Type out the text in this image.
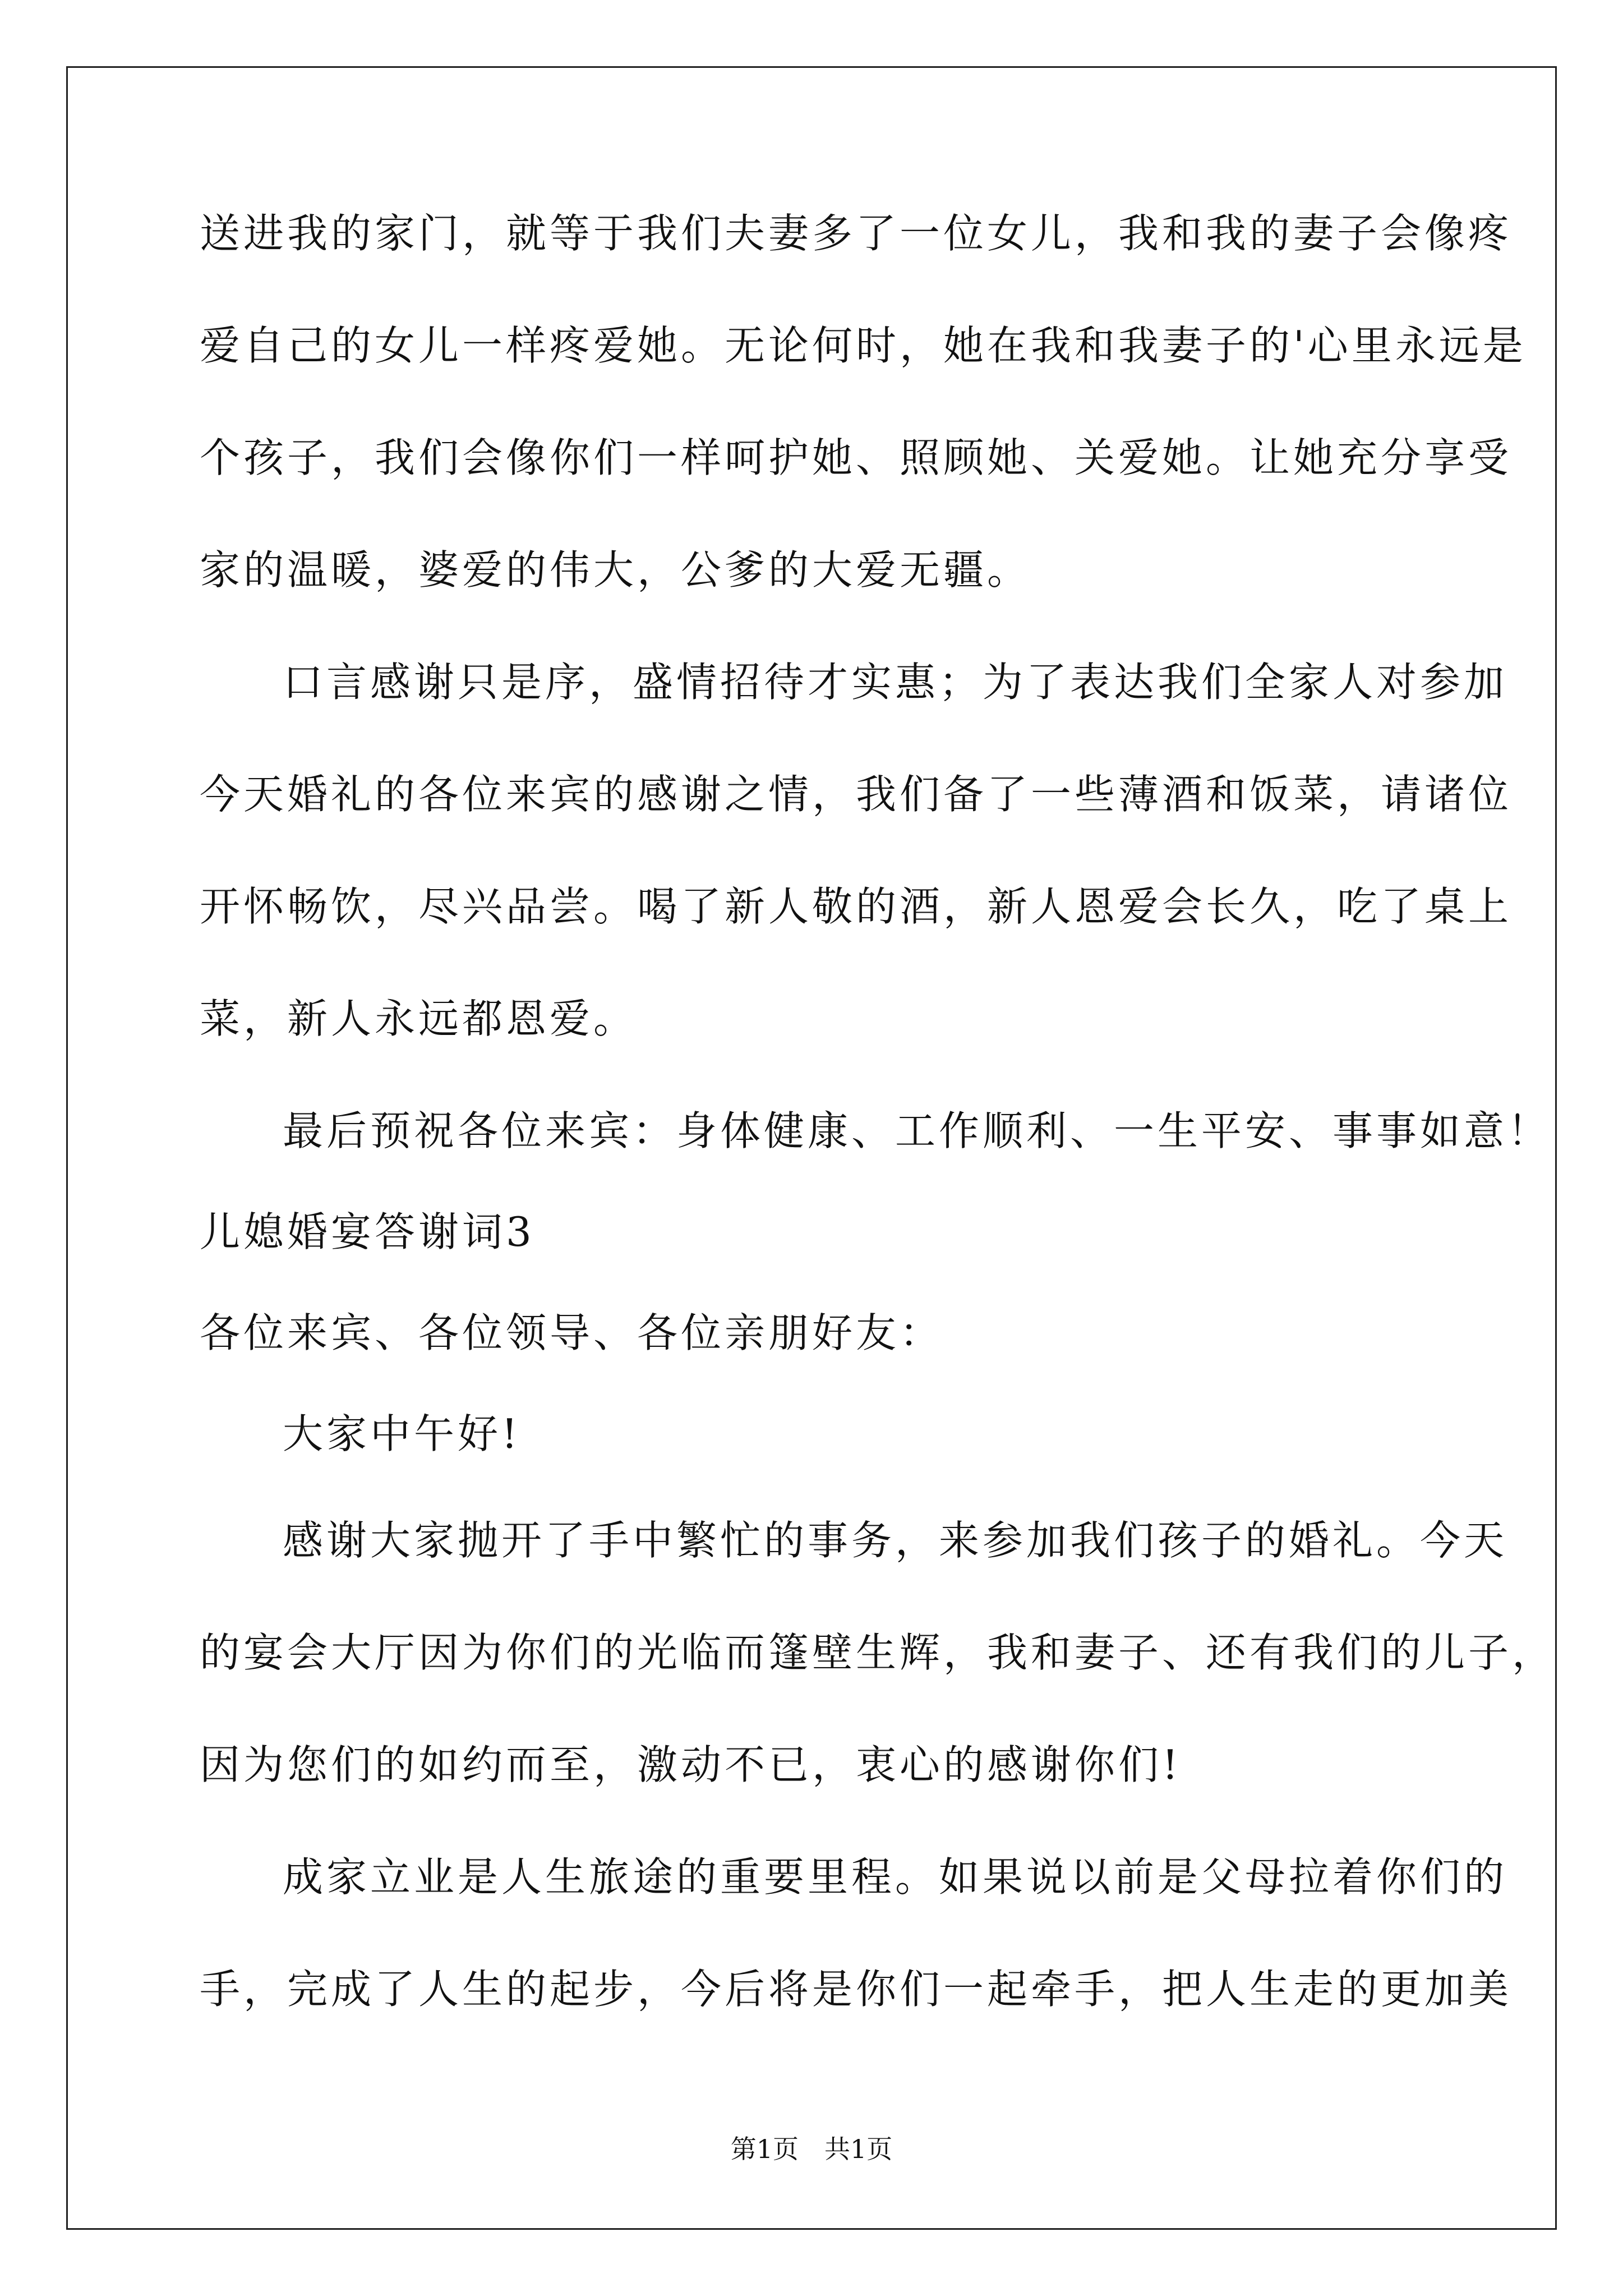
送进我的家门，就等于我们夫妻多了一位女儿，我和我的妻子会像疼
爱自己的女儿一样疼爱她。无论何时，她在我和我妻子的'心里永远是
个孩子，我们会像你们一样呵护她、照顾她、关爱她。让她充分享受
家的温暖，婆爱的伟大，公爹的大爱无疆。
口言感谢只是序，盛情招待才实惠；为了表达我们全家人对参加
今天婚礼的各位来宾的感谢之情，我们备了一些薄酒和饭菜，请诸位
开怀畅饮，尽兴品尝。喝了新人敬的酒，新人恩爱会长久，吃了桌上
菜，新人永远都恩爱。
最后预祝各位来宾：身体健康、工作顺利、一生平安、事事如意！
儿媳婚宴答谢词3
各位来宾、各位领导、各位亲朋好友：
大家中午好!
感谢大家抛开了手中繁忙的事务，来参加我们孩子的婚礼。今天
的宴会大厅因为你们的光临而篷壁生辉，我和妻子、还有我们的儿子，
因为您们的如约而至，激动不已，衷心的感谢你们!
成家立业是人生旅途的重要里程。如果说以前是父母拉着你们的
手，完成了人生的起步，今后将是你们一起牵手，把人生走的更加美
第1页　共1页
